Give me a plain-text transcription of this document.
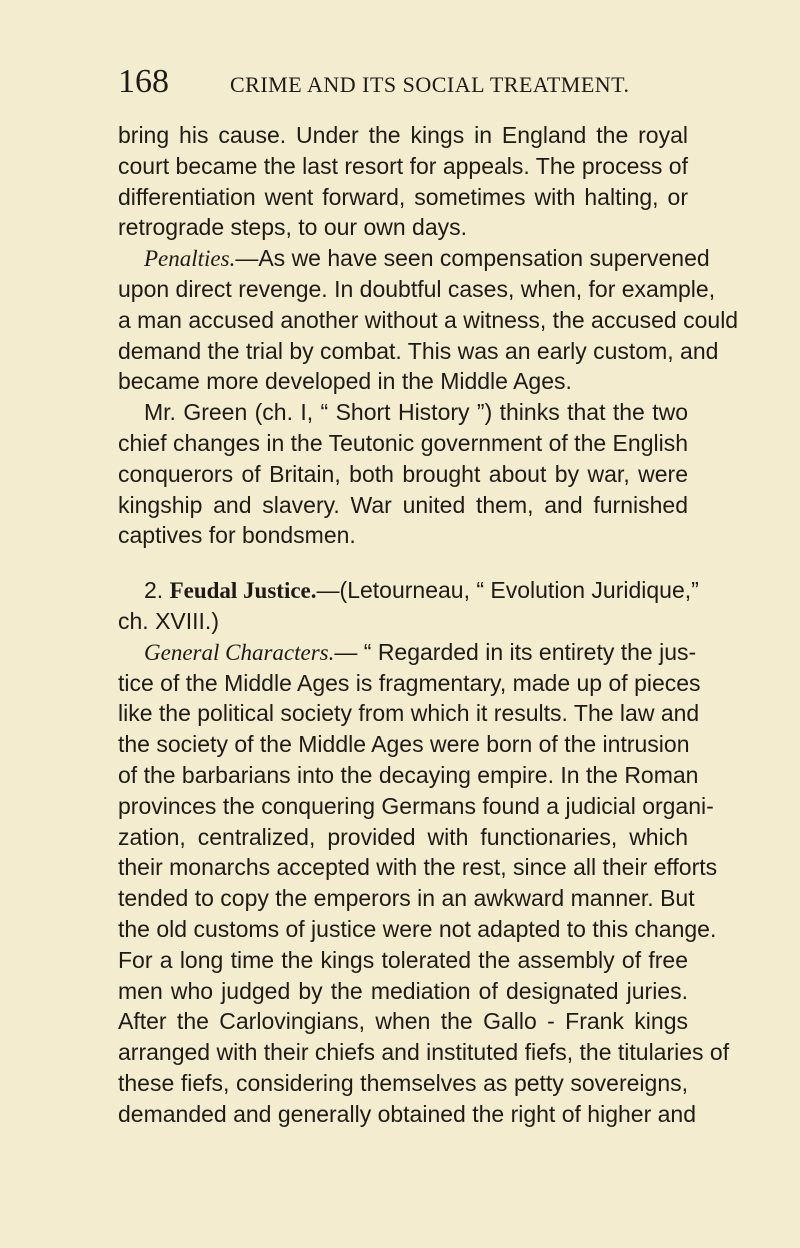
168	CRIME AND ITS SOCIAL TREATMENT.
bring his cause. Under the kings in England the royal
court became the last resort for appeals. The process of
differentiation went forward, sometimes with halting, or
retrograde steps, to our own days.
Penalties.—As we have seen compensation supervened
upon direct revenge. In doubtful cases, when, for example,
a man accused another without a witness, the accused could
demand the trial by combat. This was an early custom, and
became more developed in the Middle Ages.
Mr. Green (ch. I, “ Short History ”) thinks that the two
chief changes in the Teutonic government of the English
conquerors of Britain, both brought about by war, were
kingship and slavery. War united them, and furnished
captives for bondsmen.
2. Feudal Justice.—(Letourneau, “ Evolution Juridique,”
ch. XVIII.)
General Characters.— “ Regarded in its entirety the jus-
tice of the Middle Ages is fragmentary, made up of pieces
like the political society from which it results. The law and
the society of the Middle Ages were born of the intrusion
of the barbarians into the decaying empire. In the Roman
provinces the conquering Germans found a judicial organi-
zation, centralized, provided with functionaries, which
their monarchs accepted with the rest, since all their efforts
tended to copy the emperors in an awkward manner. But
the old customs of justice were not adapted to this change.
For a long time the kings tolerated the assembly of free
men who judged by the mediation of designated juries.
After the Carlovingians, when the Gallo - Frank kings
arranged with their chiefs and instituted fiefs, the titularies of
these fiefs, considering themselves as petty sovereigns,
demanded and generally obtained the right of higher and
